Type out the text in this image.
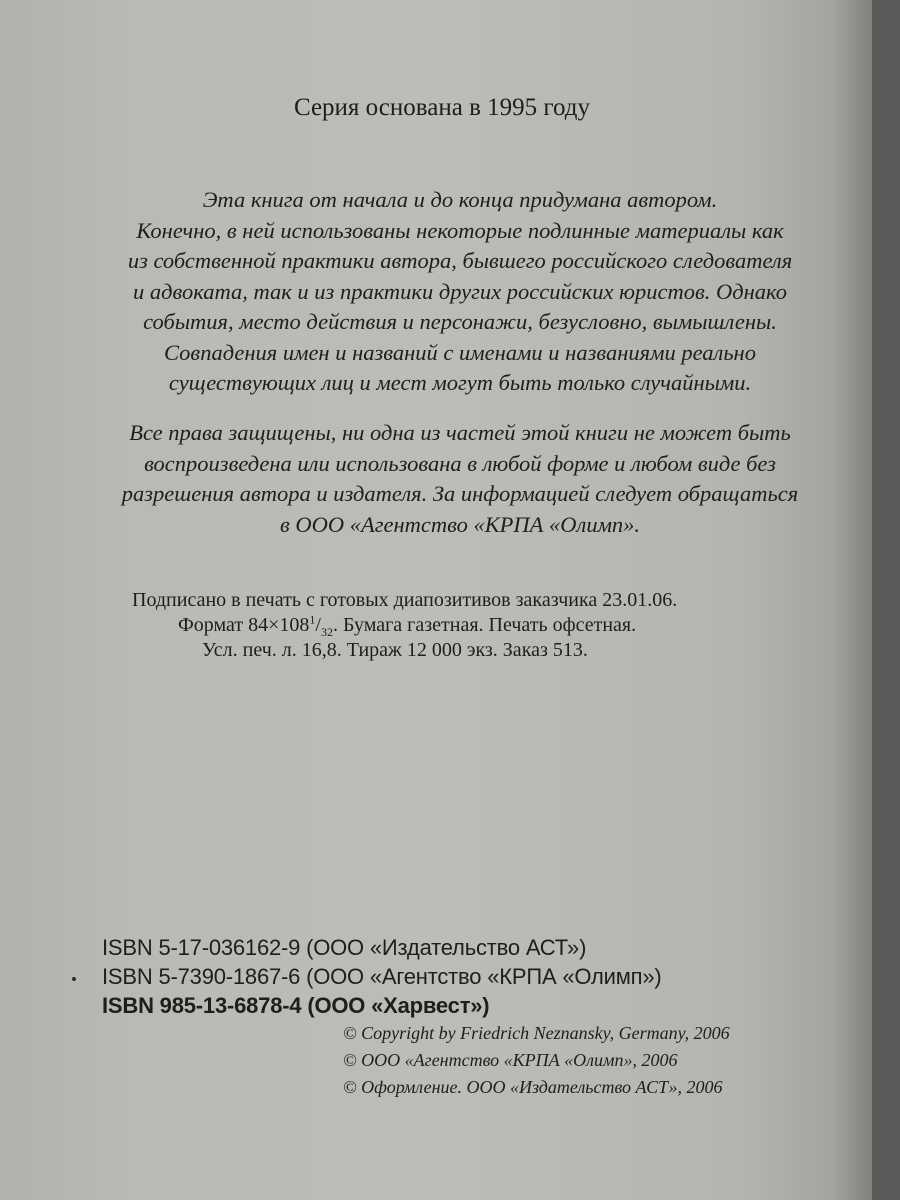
Серия основана в 1995 году
Эта книга от начала и до конца придумана автором.
Конечно, в ней использованы некоторые подлинные материалы как
из собственной практики автора, бывшего российского следователя
и адвоката, так и из практики других российских юристов. Однако
события, место действия и персонажи, безусловно, вымышлены.
Совпадения имен и названий с именами и названиями реально
существующих лиц и мест могут быть только случайными.
Все права защищены, ни одна из частей этой книги не может быть
воспроизведена или использована в любой форме и любом виде без
разрешения автора и издателя. За информацией следует обращаться
в ООО «Агентство «КРПА «Олимп».
Подписано в печать с готовых диапозитивов заказчика 23.01.06.
Формат $84\times 108^1/_{32}$. Бумага газетная. Печать офсетная.
Усл. печ. л. 16,8. Тираж 12 000 экз. Заказ 513.
ISBN 5-17-036162-9 (ООО «Издательство АСТ»)
ISBN 5-7390-1867-6 (ООО «Агентство «КРПА «Олимп»)
ISBN 985-13-6878-4 (ООО «Харвест»)
© Copyright by Friedrich Neznansky, Germany, 2006
© ООО «Агентство «КРПА «Олимп», 2006
© Оформление. ООО «Издательство АСТ», 2006
